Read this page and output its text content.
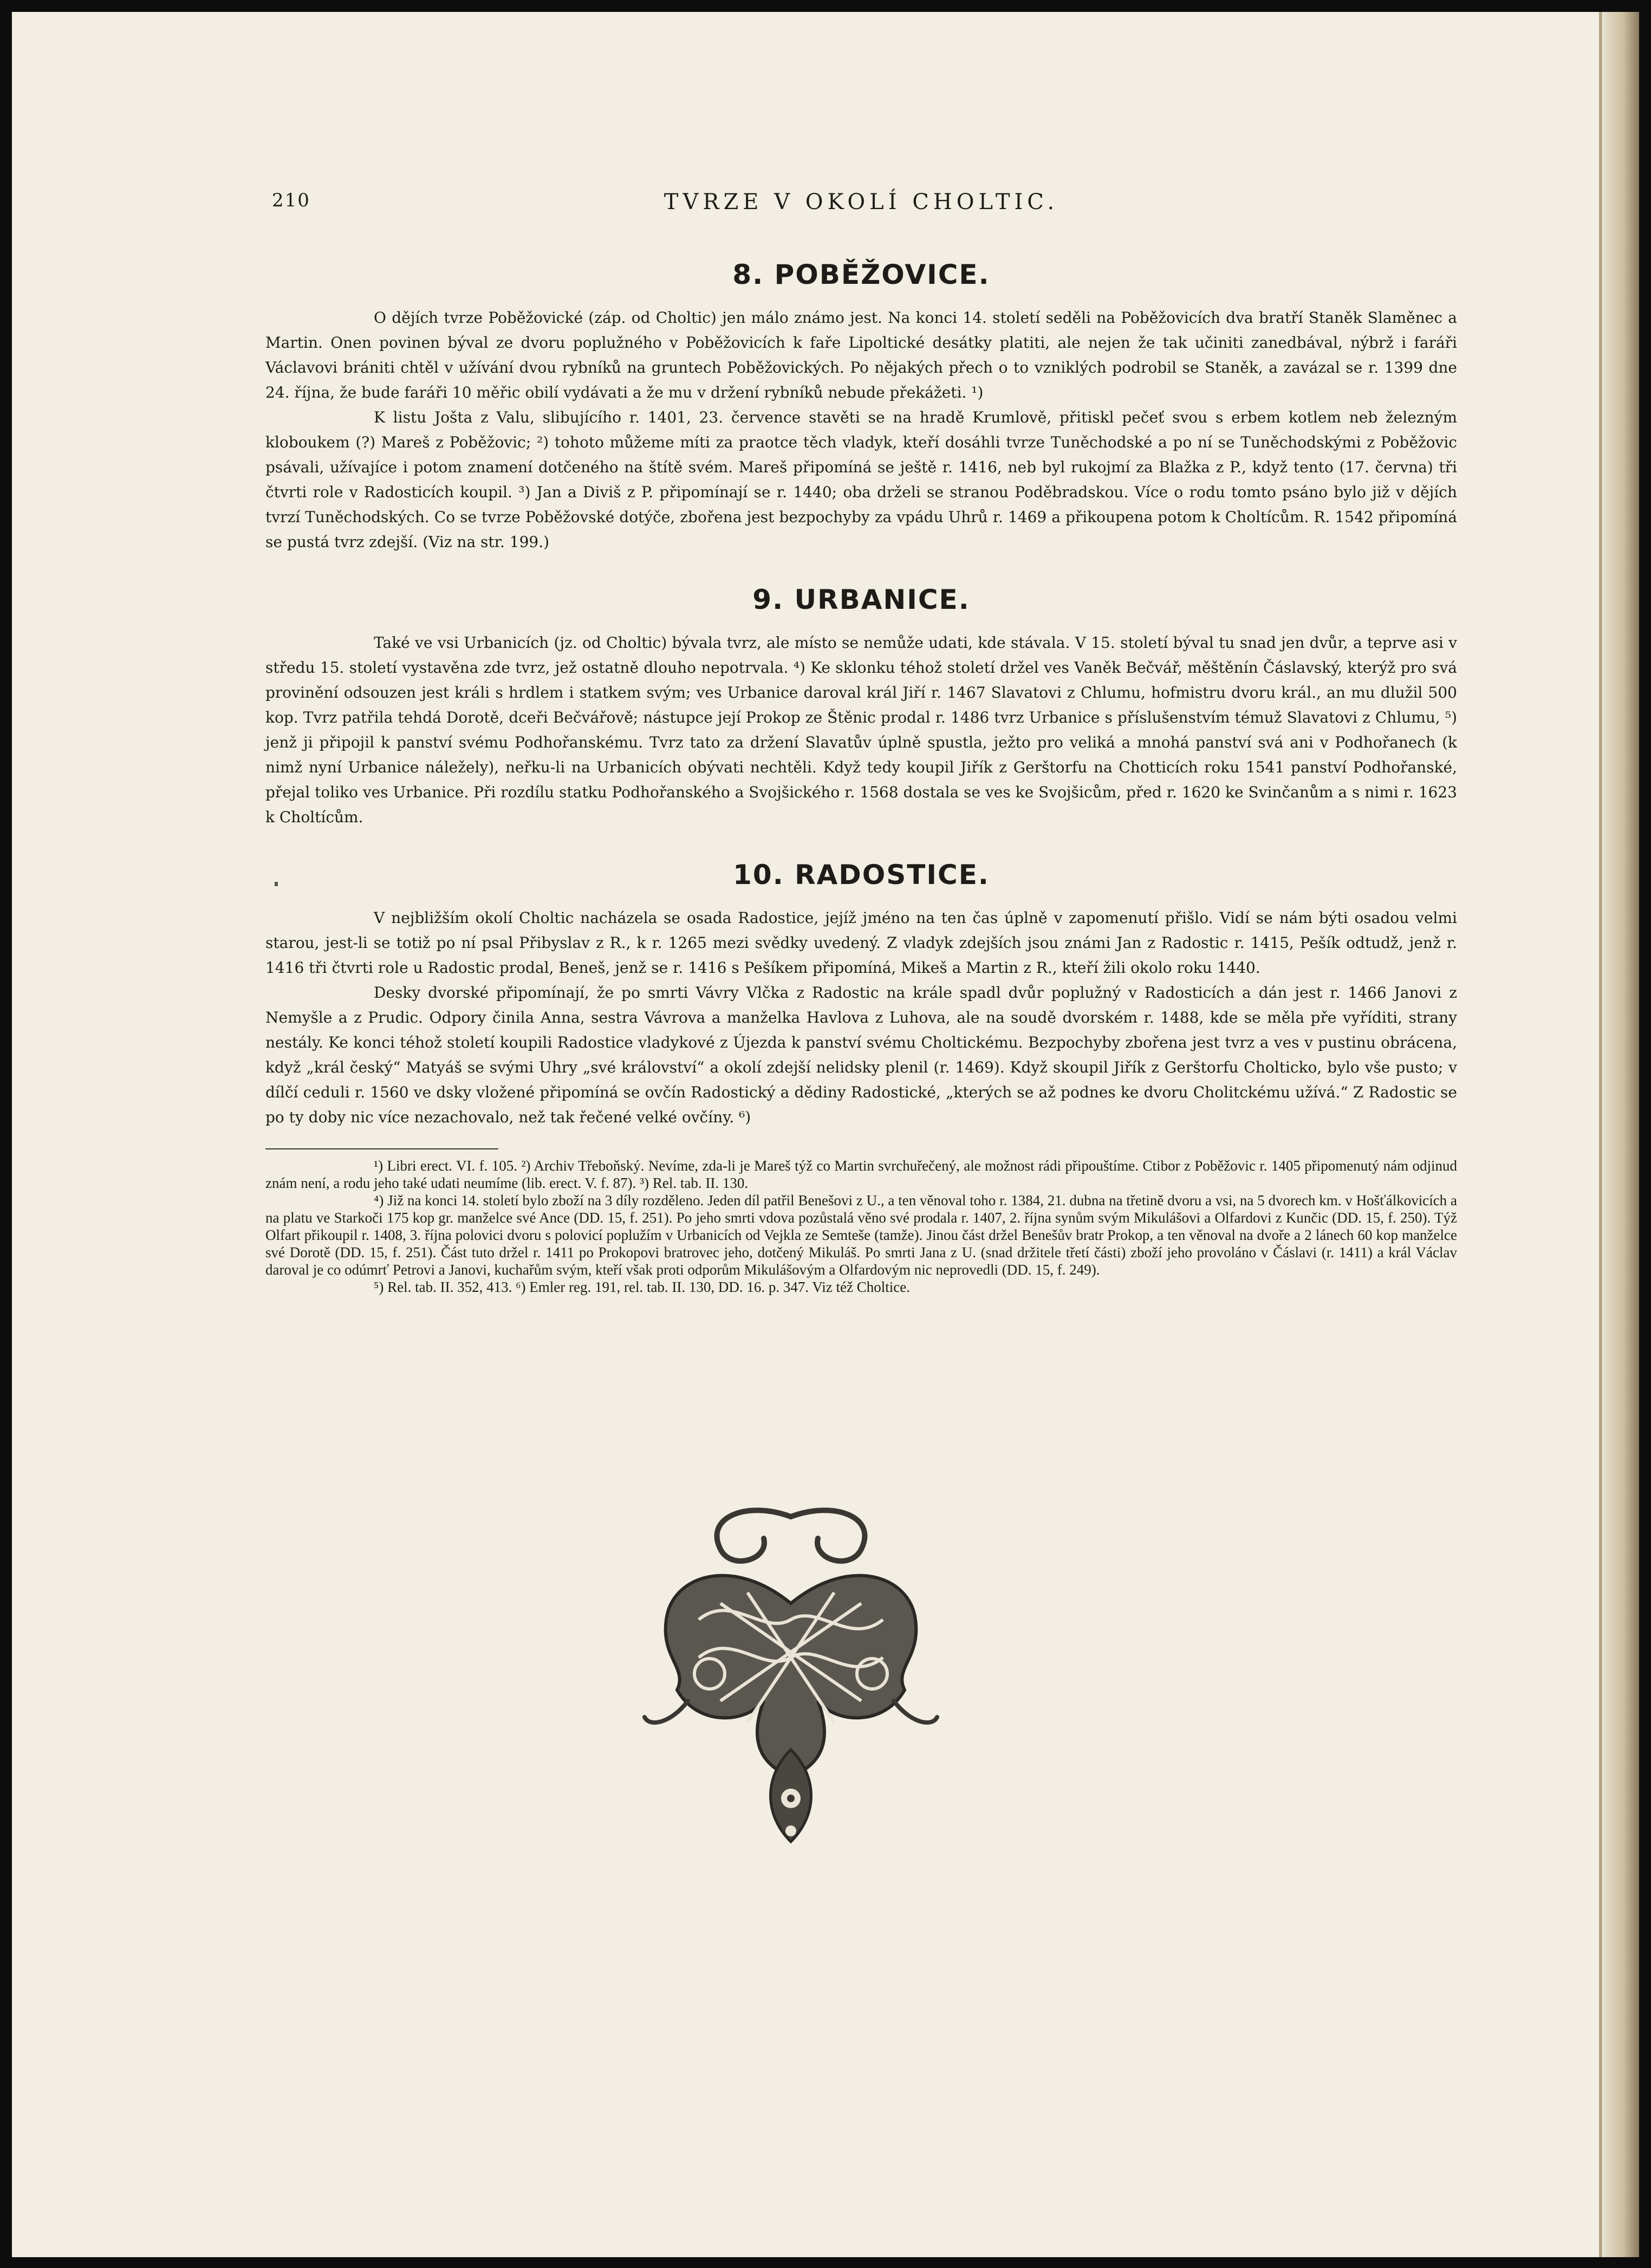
210	TVRZE V OKOLÍ CHOLTIC.
8. POBĚŽOVICE.

O dějích tvrze Poběžovické (záp. od Choltic) jen málo známo jest. Na konci 14. století seděli na Poběžovicích dva bratří Staněk Slaměnec a Martin. Onen povinen býval ze dvoru poplužného v Poběžovicích k faře Lipoltické desátky platiti, ale nejen že tak učiniti zanedbával, nýbrž i faráři Václavovi brániti chtěl v užívání dvou rybníků na gruntech Poběžovických. Po nějakých přech o to vzniklých podrobil se Staněk, a zavázal se r. 1399 dne 24. října, že bude faráři 10 měřic obilí vydávati a že mu v držení rybníků nebude překážeti. ¹)

K listu Jošta z Valu, slibujícího r. 1401, 23. července stavěti se na hradě Krumlově, přitiskl pečeť svou s erbem kotlem neb železným kloboukem (?) Mareš z Poběžovic; ²) tohoto můžeme míti za praotce těch vladyk, kteří dosáhli tvrze Tuněchodské a po ní se Tuněchodskými z Poběžovic psávali, užívajíce i potom znamení dotčeného na štítě svém. Mareš připomíná se ještě r. 1416, neb byl rukojmí za Blažka z P., když tento (17. června) tři čtvrti role v Radosticích koupil. ³) Jan a Diviš z P. připomínají se r. 1440; oba drželi se stranou Poděbradskou. Více o rodu tomto psáno bylo již v dějích tvrzí Tuněchodských. Co se tvrze Poběžovské dotýče, zbořena jest bezpochyby za vpádu Uhrů r. 1469 a přikoupena potom k Choltícům. R. 1542 připomíná se pustá tvrz zdejší. (Viz na str. 199.)

9. URBANICE.

Také ve vsi Urbanicích (jz. od Choltic) bývala tvrz, ale místo se nemůže udati, kde stávala. V 15. století býval tu snad jen dvůr, a teprve asi v středu 15. století vystavěna zde tvrz, jež ostatně dlouho nepotrvala. ⁴) Ke sklonku téhož století držel ves Vaněk Bečvář, měštěnín Čáslavský, kterýž pro svá provinění odsouzen jest králi s hrdlem i statkem svým; ves Urbanice daroval král Jiří r. 1467 Slavatovi z Chlumu, hofmistru dvoru král., an mu dlužil 500 kop. Tvrz patřila tehdá Dorotě, dceři Bečvářově; nástupce její Prokop ze Štěnic prodal r. 1486 tvrz Urbanice s příslušenstvím témuž Slavatovi z Chlumu, ⁵) jenž ji připojil k panství svému Podhořanskému. Tvrz tato za držení Slavatův úplně spustla, ježto pro veliká a mnohá panství svá ani v Podhořanech (k nimž nyní Urbanice náležely), neřku-li na Urbanicích obývati nechtěli. Když tedy koupil Jiřík z Gerštorfu na Chotticích roku 1541 panství Podhořanské, přejal toliko ves Urbanice. Při rozdílu statku Podhořanského a Svojšického r. 1568 dostala se ves ke Svojšicům, před r. 1620 ke Svinčanům a s nimi r. 1623 k Choltícům.

10. RADOSTICE.

V nejbližším okolí Choltic nacházela se osada Radostice, jejíž jméno na ten čas úplně v zapomenutí přišlo. Vidí se nám býti osadou velmi starou, jest-li se totiž po ní psal Přibyslav z R., k r. 1265 mezi svědky uvedený. Z vladyk zdejších jsou známi Jan z Radostic r. 1415, Pešík odtudž, jenž r. 1416 tři čtvrti role u Radostic prodal, Beneš, jenž se r. 1416 s Pešíkem připomíná, Mikeš a Martin z R., kteří žili okolo roku 1440.

Desky dvorské připomínají, že po smrti Vávry Vlčka z Radostic na krále spadl dvůr poplužný v Radosticích a dán jest r. 1466 Janovi z Nemyšle a z Prudic. Odpory činila Anna, sestra Vávrova a manželka Havlova z Luhova, ale na soudě dvorském r. 1488, kde se měla pře vyříditi, strany nestály. Ke konci téhož století koupili Radostice vladykové z Újezda k panství svému Choltickému. Bezpochyby zbořena jest tvrz a ves v pustinu obrácena, když „král český“ Matyáš se svými Uhry „své království“ a okolí zdejší nelidsky plenil (r. 1469). Když skoupil Jiřík z Gerštorfu Cholticko, bylo vše pusto; v dílčí ceduli r. 1560 ve dsky vložené připomíná se ovčín Radostický a dědiny Radostické, „kterých se až podnes ke dvoru Cholitckému užívá.“ Z Radostic se po ty doby nic více nezachovalo, než tak řečené velké ovčíny. ⁶)

¹) Libri erect. VI. f. 105. ²) Archiv Třeboňský. Nevíme, zda-li je Mareš týž co Martin svrchuřečený, ale možnost rádi připouštíme. Ctibor z Poběžovic r. 1405 připomenutý nám odjinud znám není, a rodu jeho také udati neumíme (lib. erect. V. f. 87). ³) Rel. tab. II. 130.

⁴) Již na konci 14. století bylo zboží na 3 díly rozděleno. Jeden díl patřil Benešovi z U., a ten věnoval toho r. 1384, 21. dubna na třetině dvoru a vsi, na 5 dvorech km. v Hošťálkovicích a na platu ve Starkoči 175 kop gr. manželce své Ance (DD. 15, f. 251). Po jeho smrti vdova pozůstalá věno své prodala r. 1407, 2. října synům svým Mikulášovi a Olfardovi z Kunčic (DD. 15, f. 250). Týž Olfart přikoupil r. 1408, 3. října polovici dvoru s polovicí poplužím v Urbanicích od Vejkla ze Semteše (tamže). Jinou část držel Benešův bratr Prokop, a ten věnoval na dvoře a 2 lánech 60 kop manželce své Dorotě (DD. 15, f. 251). Část tuto držel r. 1411 po Prokopovi bratrovec jeho, dotčený Mikuláš. Po smrti Jana z U. (snad držitele třetí části) zboží jeho provoláno v Čáslavi (r. 1411) a král Václav daroval je co odúmrť Petrovi a Janovi, kuchařům svým, kteří však proti odporům Mikulášovým a Olfardovým nic neprovedli (DD. 15, f. 249).

⁵) Rel. tab. II. 352, 413. ⁶) Emler reg. 191, rel. tab. II. 130, DD. 16. p. 347. Viz též Choltice.
